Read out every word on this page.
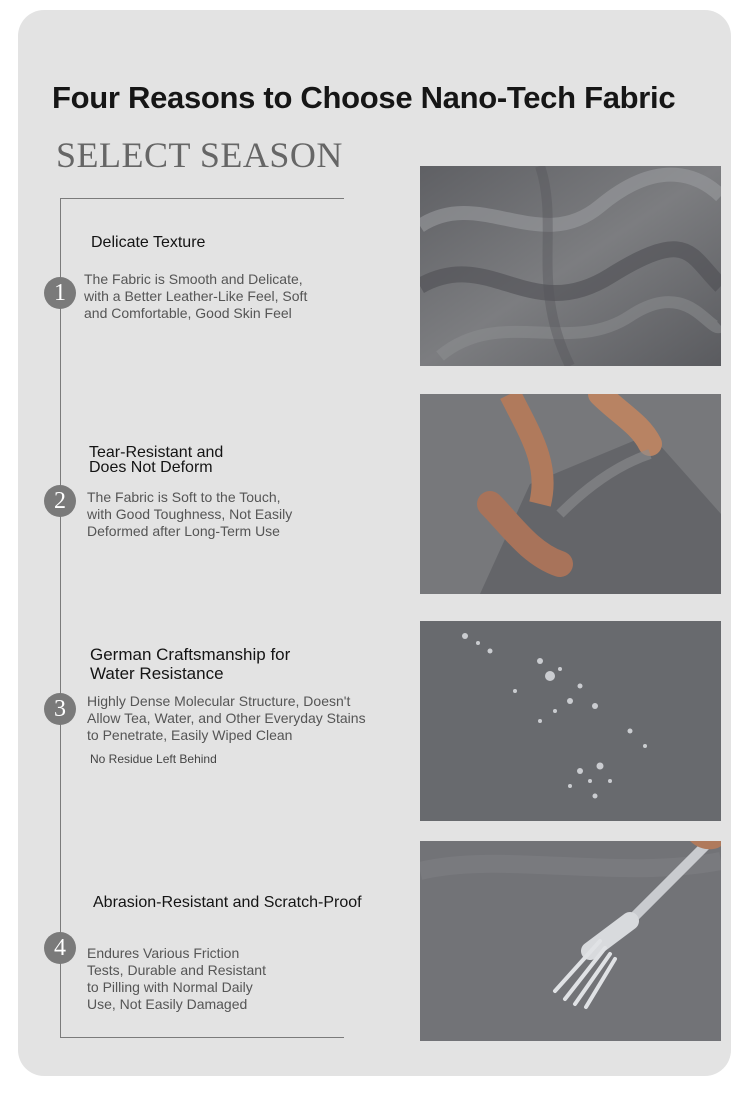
Four Reasons to Choose Nano-Tech Fabric
SELECT SEASON
1
Delicate Texture
The Fabric is Smooth and Delicate,
with a Better Leather-Like Feel, Soft
and Comfortable, Good Skin Feel
2
Tear-Resistant and
Does Not Deform
The Fabric is Soft to the Touch,
with Good Toughness, Not Easily
Deformed after Long-Term Use
3
German Craftsmanship for
Water Resistance
Highly Dense Molecular Structure, Doesn't
Allow Tea, Water, and Other Everyday Stains
to Penetrate, Easily Wiped Clean
No Residue Left Behind
4
Abrasion-Resistant and Scratch-Proof
Endures Various Friction
Tests, Durable and Resistant
to Pilling with Normal Daily
Use, Not Easily Damaged
